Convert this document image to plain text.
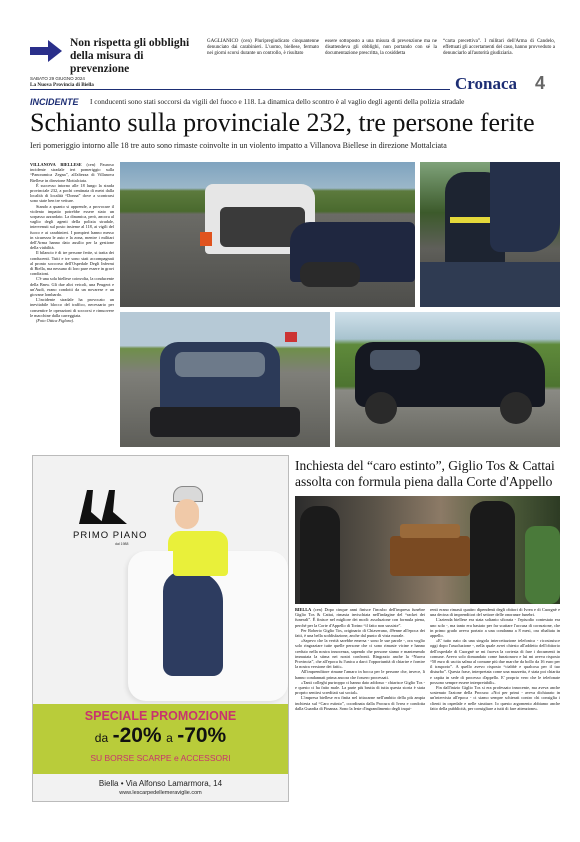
Non rispetta gli obblighi della misura di prevenzione
GAGLIANICO (cen) Pluripregiudicato cinquantenne denunciato dai carabinieri. L'uomo, biellese, fermato nei giorni scorsi durante un controllo, è risultato
essere sottoposto a una misura di prevenzione ma ne disattendeva gli obblighi, non portando con sé la documentazione prescritta, la cosiddetta
“carta precettiva”. I militari dell'Arma di Candelo, effettuati gli accertamenti del caso, hanno provveduto a denunciarlo all'autorità giudiziaria.
SABATO 29 GIUGNO 2024
La Nuova Provincia di Biella	Cronaca 4
INCIDENTE I conducenti sono stati soccorsi da vigili del fuoco e 118. La dinamica dello scontro è al vaglio degli agenti della polizia stradale
Schianto sulla provinciale 232, tre persone ferite
Ieri pomeriggio intorno alle 18 tre auto sono rimaste coinvolte in un violento impatto a Villanova Biellese in direzione Mottalciata

VILLANOVA BIELLESE (cen) Pauroso incidente stradale ieri pomeriggio sulla “Panoramica Zegna”, all'altezza di Villanova Biellese in direzione Mottalciata.

È successo intorno alle 18 lungo la strada provinciale 232, a pochi centinaia di metri dalla località di località “Donna” dove a scontrarsi sono state ben tre vetture.

Stando a quanto si apprende, a provocare il violento impatto potrebbe essere stato un sorpasso azzardato. La dinamica, però, ancora al vaglio degli agenti della polizia stradale, intervenuti sul posto insieme al 118, ai vigili del fuoco e ai carabinieri. I pompieri hanno messo in sicurezza le auto e la zona, mentre i militari dell'Arma hanno dato ausilio per la gestione della viabilità.

Il bilancio è di tre persone ferite, si tratta dei conducenti. Tutti e tre sono stati accompagnati al pronto soccorso dell'Ospedale Degli Infermi di Biella, ma nessuno di loro pare essere in gravi condizioni.

C'è una sola biellese coinvolta, la conducente della Bmw. Gli due altri veicoli, una Peugeot e un'Audi, erano condotti da un novarese e un giovane lombardo.

L'incidente stradale ha provocato un inevitabile blocco del traffico, necessario per consentire le operazioni di soccorsi e rimuovere le macchine dalla carreggiata.

(Foto Ottica Figlara).

PRIMO PIANO
dal 1988
SPECIALE PROMOZIONE
da -20% a -70%
SU BORSE SCARPE e ACCESSORI
Biella • Via Alfonso Lamarmora, 14
www.lescarpedellemeraviglie.com
Inchiesta del “caro estinto”, Giglio Tos & Cattai assolta con formula piena dalla Corte d'Appello

BIELLA (cen) Dopo cinque anni finisce l'incubo dell'impresa funebre Giglio Tos & Cattai, rimasta invischiata nell'indagine del “racket dei funerali”. È finisce nel migliore dei modi: assoluzione con formula piena, perché per la Corte d'Appello di Torino “il fatto non sussiste”.

Per Roberto Giglio Tos, originario di Chiaverano, 49enne all'epoca dei fatti, è una bella soddisfazione, anche dal punto di vista morale.

«Sapevo che la verità sarebbe emersa - sono le sue parole -, ora voglio solo ringraziare tutte quelle persone che ci sono rimaste vicine e hanno creduto nella nostra innocenza, sapendo che persone siamo e mantenendo immutata la stima nei nostri confronti. Ringrazio anche la “Nuova Provincia”, che all'epoca fu l'unica a darci l'opportunità di chiarire e fornire la nostra versione dei fatti».

All'imprenditore rimane l'amaro in bocca per le persone che, invece, li hanno condannati prima ancora che fossero processati.

«Tanti colleghi purtroppo ci hanno dato addosso - chiarisce Giglio Tos - e questo ci ha fatto male. La parte più brutta di tutta questa storia è stata proprio sentirsi screditati sui social».

L'impresa biellese era finita nel tritacarne nell'ambito della più ampia inchiesta sul “Caro estinto”, coordinata dalla Procura di Ivrea e condotta dalla Guardia di Finanza. Sono la leste d'ingrandimento degli inqui-

renti erano rimasti quattro dipendenti degli obitori di Ivrea e di Cuorgnè e una decina di imprenditori del settore delle onoranze funebri.

L'azienda biellese era stata soltanto sfiorata - l'episodio contestato era uno solo -, ma tanto era bastato per far scattare l'accusa di corruzione, che in primo grado aveva portato a una condanna a 8 mesi, ora ribaltata in appello.

«E' tutto nato da una singola intercettazione telefonica - ricostruisce oggi dopo l'assoluzione -, nella quale avrei chiesto all'addetto dell'obitorio dell'ospedale di Cuorgnè se mi faceva la cortesia di fare i documenti in comune. Avevo solo domandato come funzionavo e lui mi aveva risposto “50 euro di uscita salma al comune più due marche da bollo da 16 euro per il trasporto”. A quello avevo risposto “ciabbè e qualcosa per il tuo disturbo”. Questa frase, interpretata come una mazzetta, è stata poi chiarita e capita in sede di processo d'appello. E' proprio vero che le telefonate possono sempre essere interpretabili».

Fin dall'inizio Giglio Tos si era professato innocente, ma aveva anche sostenuto l'azione della Procura: «Noi per primi - aveva dichiarato in un'intervista all'epoca - ci siamo sempre schierati contro chi consiglia i clienti in ospedale e nelle strutture. Io questo argomento abbiamo anche fatto della pubblicità, per consigliare a tutti di fare attenzione».
